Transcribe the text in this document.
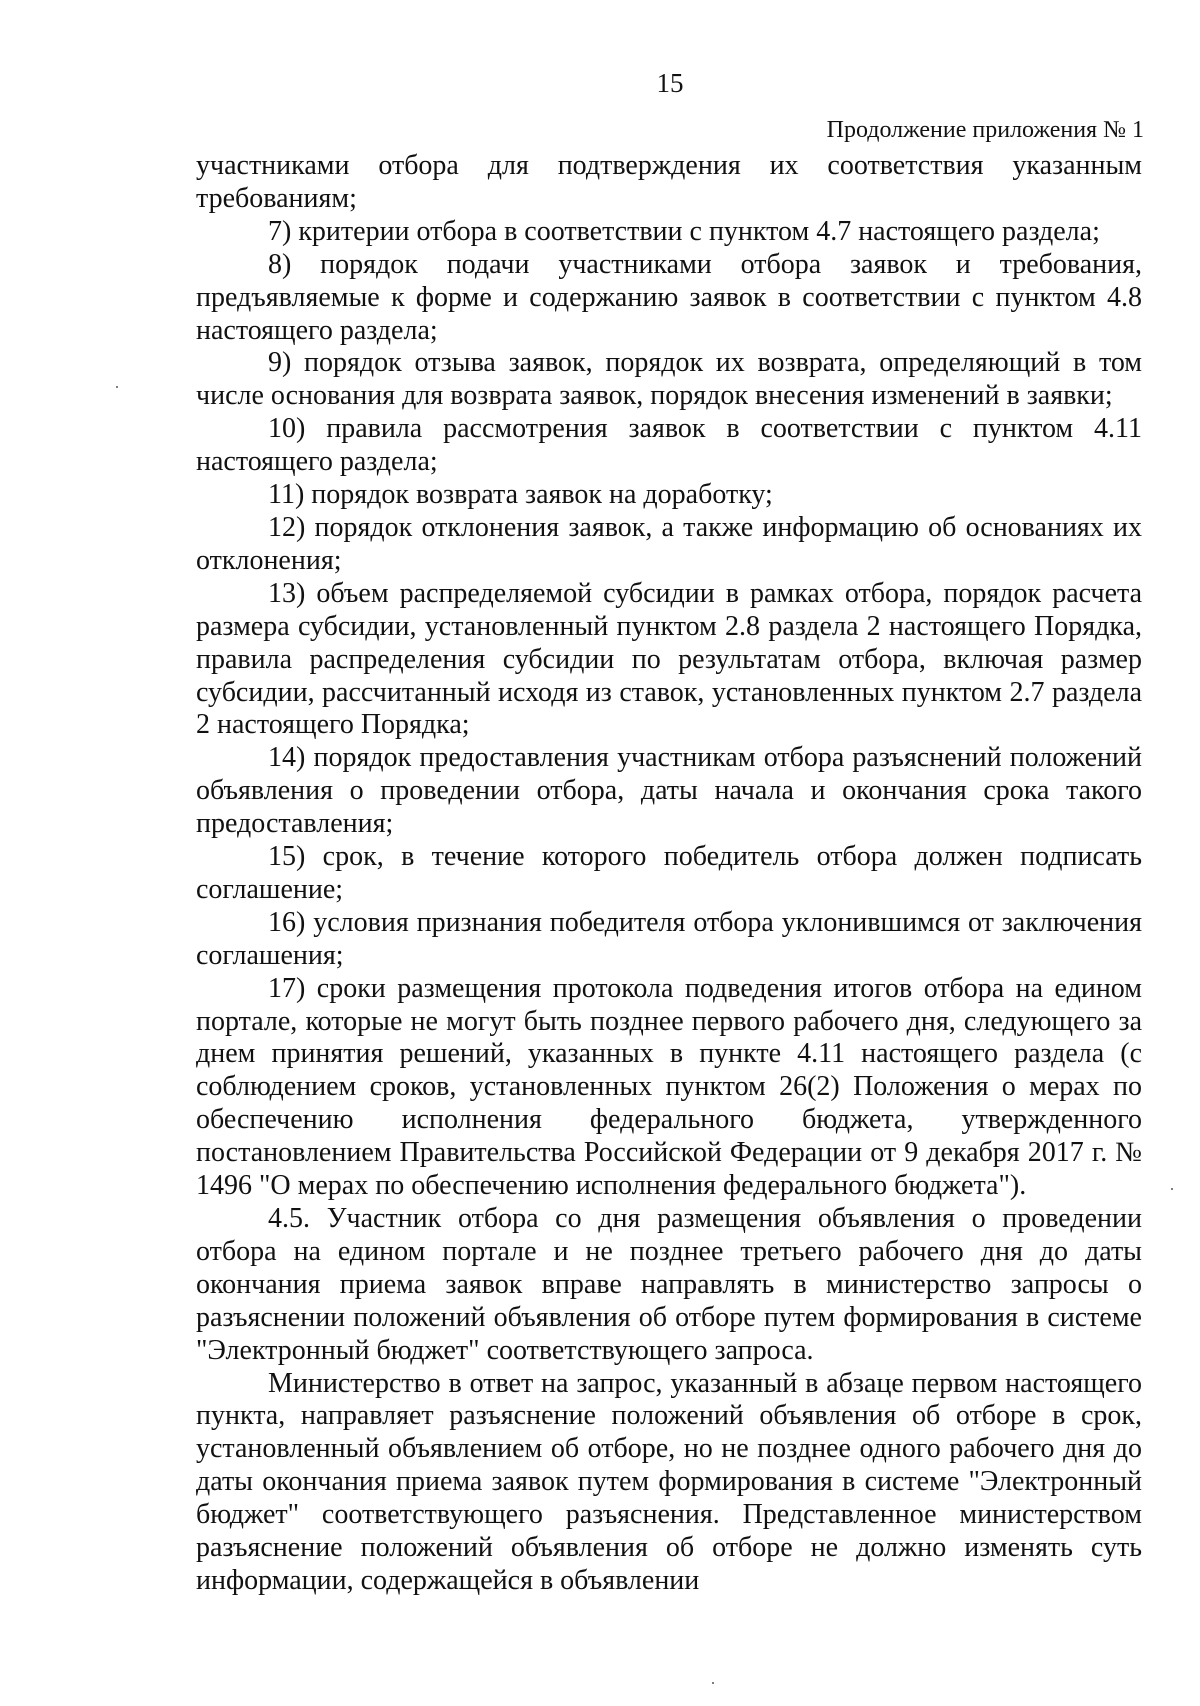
15
Продолжение приложения № 1

участниками отбора для подтверждения их соответствия указанным требованиям;

7) критерии отбора в соответствии с пунктом 4.7 настоящего раздела;

8) порядок подачи участниками отбора заявок и требования, предъявляемые к форме и содержанию заявок в соответствии с пунктом 4.8 настоящего раздела;

9) порядок отзыва заявок, порядок их возврата, определяющий в том числе основания для возврата заявок, порядок внесения изменений в заявки;

10) правила рассмотрения заявок в соответствии с пунктом 4.11 настоящего раздела;

11) порядок возврата заявок на доработку;

12) порядок отклонения заявок, а также информацию об основаниях их отклонения;

13) объем распределяемой субсидии в рамках отбора, порядок расчета размера субсидии, установленный пунктом 2.8 раздела 2 настоящего Порядка, правила распределения субсидии по результатам отбора, включая размер субсидии, рассчитанный исходя из ставок, установленных пунктом 2.7 раздела 2 настоящего Порядка;

14) порядок предоставления участникам отбора разъяснений положений объявления о проведении отбора, даты начала и окончания срока такого предоставления;

15) срок, в течение которого победитель отбора должен подписать соглашение;

16) условия признания победителя отбора уклонившимся от заключения соглашения;

17) сроки размещения протокола подведения итогов отбора на едином портале, которые не могут быть позднее первого рабочего дня, следующего за днем принятия решений, указанных в пункте 4.11 настоящего раздела (с соблюдением сроков, установленных пунктом 26(2) Положения о мерах по обеспечению исполнения федерального бюджета, утвержденного постановлением Правительства Российской Федерации от 9 декабря 2017 г. № 1496 "О мерах по обеспечению исполнения федерального бюджета").

4.5. Участник отбора со дня размещения объявления о проведении отбора на едином портале и не позднее третьего рабочего дня до даты окончания приема заявок вправе направлять в министерство запросы о разъяснении положений объявления об отборе путем формирования в системе "Электронный бюджет" соответствующего запроса.

Министерство в ответ на запрос, указанный в абзаце первом настоящего пункта, направляет разъяснение положений объявления об отборе в срок, установленный объявлением об отборе, но не позднее одного рабочего дня до даты окончания приема заявок путем формирования в системе "Электронный бюджет" соответствующего разъяснения. Представленное министерством разъяснение положений объявления об отборе не должно изменять суть информации, содержащейся в объявлении
